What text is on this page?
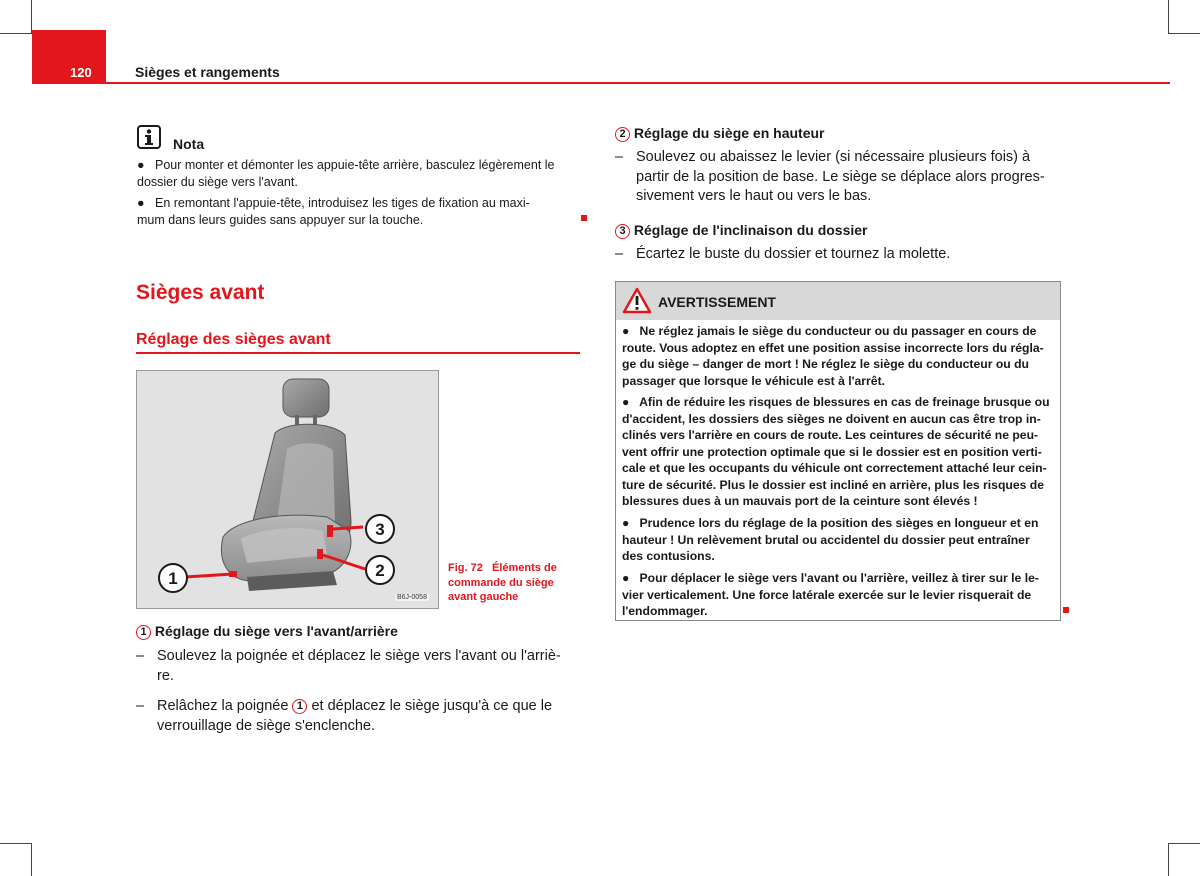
120	Sièges et rangements
Nota
● Pour monter et démonter les appuie-tête arrière, basculez légèrement le
dossier du siège vers l'avant.
● En remontant l'appuie-tête, introduisez les tiges de fixation au maxi-
mum dans leurs guides sans appuyer sur la touche.
Sièges avant
Réglage des sièges avant
3
2
1
B6J-0058
Fig. 72 Éléments de
commande du siège
avant gauche
1 Réglage du siège vers l'avant/arrière
– Soulevez la poignée et déplacez le siège vers l'avant ou l'arriè-
re.
– Relâchez la poignée 1 et déplacez le siège jusqu'à ce que le
verrouillage de siège s'enclenche.
2 Réglage du siège en hauteur
– Soulevez ou abaissez le levier (si nécessaire plusieurs fois) à
partir de la position de base. Le siège se déplace alors progres-
sivement vers le haut ou vers le bas.
3 Réglage de l'inclinaison du dossier
– Écartez le buste du dossier et tournez la molette.
AVERTISSEMENT
● Ne réglez jamais le siège du conducteur ou du passager en cours de
route. Vous adoptez en effet une position assise incorrecte lors du régla-
ge du siège – danger de mort ! Ne réglez le siège du conducteur ou du
passager que lorsque le véhicule est à l'arrêt.
● Afin de réduire les risques de blessures en cas de freinage brusque ou
d'accident, les dossiers des sièges ne doivent en aucun cas être trop in-
clinés vers l'arrière en cours de route. Les ceintures de sécurité ne peu-
vent offrir une protection optimale que si le dossier est en position verti-
cale et que les occupants du véhicule ont correctement attaché leur cein-
ture de sécurité. Plus le dossier est incliné en arrière, plus les risques de
blessures dues à un mauvais port de la ceinture sont élevés !
● Prudence lors du réglage de la position des sièges en longueur et en
hauteur ! Un relèvement brutal ou accidentel du dossier peut entraîner
des contusions.
● Pour déplacer le siège vers l'avant ou l'arrière, veillez à tirer sur le le-
vier verticalement. Une force latérale exercée sur le levier risquerait de
l'endommager.
